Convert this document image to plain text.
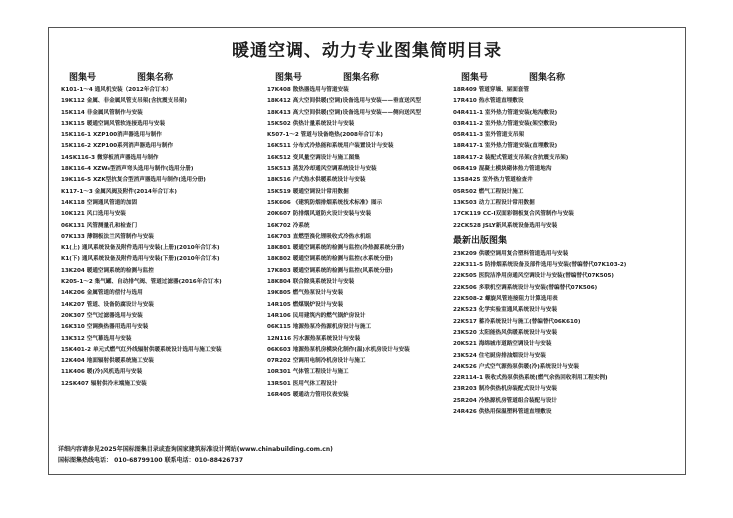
暖通空调、动力专业图集简明目录
图集号	图集名称
K101-1～4 通风机安装（2012年合订本）
19K112 金属、非金属风管支吊架(含抗震支吊架)
15K114 非金属风管制作与安装
13K115 暖通空调风管软连接选用与安装
15K116-1 XZP100消声器选用与制作
15K116-2 XZP100系列消声器选用与制作
14SK116-3 微穿板消声器选用与制作
18K116-4 XZW₆型消声弯头选用与制作(选用分册)
19K116-5 XZK型抗复合型消声器选用与制作(选用分册)
K117-1～3 金属风阀及附件(2014年合订本)
14K118 空调通风管道的加固
10K121 风口选用与安装
06K131 风管测量孔和检查门
07K133 薄钢板法兰风管制作与安装
K1(上) 通风系统设备及附件选用与安装(上册)(2010年合订本)
K1(下) 通风系统设备及附件选用与安装(下册)(2010年合订本)
13K204 暖通空调系统的检测与监控
K205-1～2 集气罐、自动排气阀、管道过滤器(2016年合订本)
14K206 金属管道的偿付与选用
14K207 管道、设备防腐设计与安装
20K307 空气过滤器选用与安装
16K310 空调换热器用选用与安装
13K312 空气幕选用与安装
15K401-2 单元式燃气红外线辐射供暖系统设计选用与施工安装
12K404 地面辐射供暖系统施工安装
11K406 暖(冷)风机选用与安装
12SK407 辐射供冷末端施工安装
图集号	图集名称
17K408 散热器选用与管道安装
18K412 高大空间供暖(空调)设备选用与安装——垂直送风型
18K413 高大空间供暖(空调)设备选用与安装——侧向送风型
15K502 供热计量系统设计与安装
K507-1～2 管道与设备绝热(2008年合订本)
16K511 分布式冷热能和系统用户装置设计与安装
16K512 变风量空调设计与施工图集
15K513 蒸发冷却通风空调系统设计与安装
18K516 户式热水供暖系统设计与安装
15K519 暖通空调设计常用数据
15K606 《建筑防烟排烟系统技术标准》图示
20K607 防排烟风道防火设计安装与安装
16K702 冷系统
16K703 直燃型溴化锂吸收式冷热水机组
18K801 暖通空调系统的检测与监控(冷热源系统分册)
18K802 暖通空调系统的检测与监控(水系统分册)
17K803 暖通空调系统的检测与监控(风系统分册)
18K804 联合除臭系统设计与安装
19K805 燃气热泵设计与安装
14R105 燃煤锅炉设计与安装
14R106 民用建筑内的燃气锅炉房设计
06K115 地源热泵冷热源机房设计与施工
12N116 污水源热泵系统设计与安装
06K603 地源热泵机房模块化制作(温)水机房设计与安装
07R202 空调用电制冷机房设计与施工
10R301 气体管工程设计与施工
13R501 医用气体工程设计
16R405 暖通动力管用仪表安装
图集号	图集名称
18R409 管道穿墙、屋面套管
17R410 热水管道直埋敷设
04R411-1 室外热力管道安装(地沟敷设)
03R411-2 室外热力管道安装(架空敷设)
05R411-3 室外管道支吊架
18R417-1 室外热力管道安装(直埋敷设)
18R417-2 装配式管道支吊架(含抗震支吊架)
06R419 混凝土模块砌体热力管道地沟
13S8425 室外热力管道检查井
05R502 燃气工程设计施工
13K503 动力工程设计常用数据
17CK119 CC-I双面彩钢板复合风管制作与安装
22CK528 JSLY新风系统设备选用与安装
最新出版图集
23K209 供暖空调用复合塑料管道选用与安装
22K311-5 防排烟系统设备及部件选用与安装(替编替代07K103-2)
22K505 医院洁净用房通风空调设计与安装(替编替代07K505)
22K506 多联机空调系统设计与安装(替编替代07K506)
22K508-2 螺旋风管连接阻力计算选用表
22K523 化学实验室通风系统设计与安装
22K517 蓄冷系统设计与施工(替编替代06K610)
23K520 太阳能热风供暖系统设计与安装
20K521 海绵城市道路空调设计与安装
23K524 住宅厨房排油烟设计与安装
24K526 户式空气源热泵供暖(冷)系统设计与安装
22R114-1 吸收式热泵供热系统(燃气余热回收利用工程实例)
23R203 制冷供热机房装配式设计与安装
25R204 冷热源机房管道组合装配与设计
24R426 供热用保温塑料管道直埋敷设
详细内容请参见2025年国标图集目录或查询国家建筑标准设计网站(www.chinabuilding.com.cn)
国标图集热线电话： 010-68799100 联系电话：010-88426737
